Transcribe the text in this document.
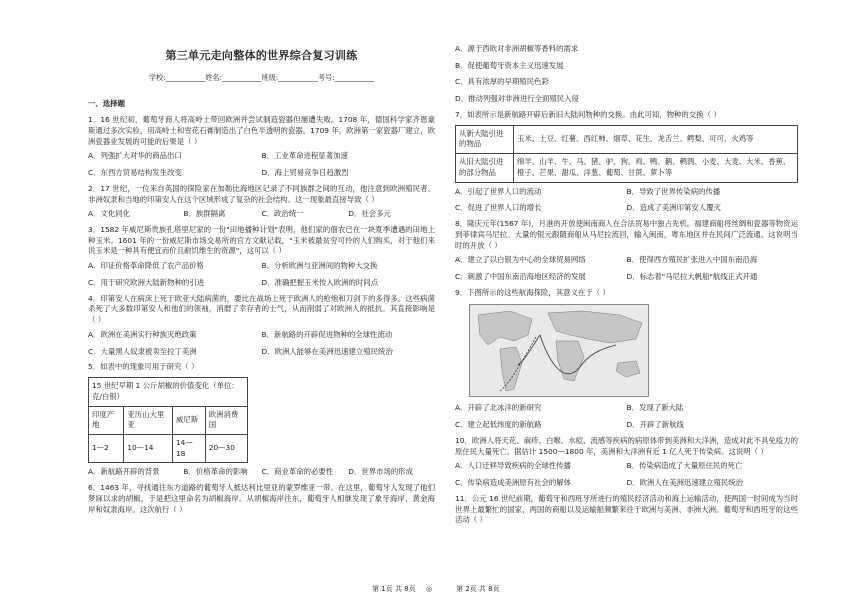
第三单元走向整体的世界综合复习训练
学校:___________姓名:___________班级:___________考号:___________
一、选择题
1．16 世纪初，葡萄牙商人将高岭土带回欧洲并尝试制造瓷器但屡遭失败。1708 年，德国科学家齐恩豪斯通过多次实验，用高岭土和雪花石膏制造出了白色半透明的瓷器。1709 年，欧洲第一家瓷器厂建立，欧洲瓷器业发展的可能的后果是（ ）
A．列强扩大对华的商品出口	B．工业革命进程显著加速
C．东西方贸易结构发生改变	D．海上贸易竞争日趋激烈
2．17 世纪，一位来自英国的探险家在加勒比海地区记录了不同族群之间的互动，他注意到欧洲殖民者、非洲奴隶和当地的印第安人在这个区域形成了复杂的社会结构。这一现象最直接导致（ ）
A．文化同化	B．族群隔离	C．政治统一	D．社会多元
3．1582 年威尼斯贵族孔塔里尼家的一份"田地播种计划"表明，他们家的佃农已在一块夏季遭遇的田地上种玉米。1601 年的一份威尼斯市场交易所的官方文献记载，"玉米被最贫穷可怜的人们购买，对于他们来说玉米是一种具有便宜而价且耐饥维生的资源"，这可以（ ）
A．印证价格革命降低了农产品价格	B．分析欧洲与亚洲间的物种大交换
C．用于研究欧洲大陆新物种的引进	D．准确把握玉米传入欧洲的时间点
4．印第安人在病床上死于欧亚大陆病菌的，要比在战场上死于欧洲人的枪炮和刀剑下的多得多。这些病菌杀死了大多数印第安人和他们的领袖，消磨了幸存者的士气，从而削弱了对欧洲人的抵抗。其直接影响是（ ）
A．欧洲在美洲实行种族灭绝政策	B．新航路的开辟促进物种的全球性流动
C．大量黑人奴隶被卖至拉丁美洲	D．欧洲人能够在美洲迅速建立殖民统治
5．如表中的现象可用于研究（ ）
15 世纪早期 1 公斤胡椒的价值变化（单位：克/白银）			
印度产地	亚历山大里亚	威尼斯	欧洲消费国
1—2	10—14	14—18	20—30
A．新航路开辟的背景	B．价格革命的影响	C．商业革命的必要性	D．世界市场的形成
6．1463 年，寻找通往东方道路的葡萄牙人抵达利比里亚的蒙罗维亚一带。在这里，葡萄牙人发现了他们梦寐以求的胡椒，于是把这里命名为胡椒海岸。从胡椒海岸往东，葡萄牙人相继发现了象牙海岸、黄金海岸和奴隶海岸。这次航行（ ）
A．源于西欧对非洲胡椒等香料的需求
B．促使葡萄牙资本主义迅速发展
C．具有浓厚的早期殖民色彩
D．推动列强对非洲进行全面殖民入侵
7．如表所示是新航路开辟后新旧大陆间物种的交换。由此可知，物种的交换（ ）
从新大陆引进的物品	玉米、土豆、红薯、西红柿、烟草、花生、龙舌兰、鳄梨、可可、火鸡等
从旧大陆引进的部分物品	绵羊、山羊、牛、马、猪、驴、狗、鸡、鸭、鹅、鹌鹑、小麦、大麦、大米、香蕉、橙子、芒果、甜瓜、洋葱、葡萄、甘蔗、萝卜等
A．引起了世界人口的流动	B．导致了世界传染病的传播
C．促进了世界人口的增长	D．造成了美洲印第安人覆灭
8．隆庆元年(1567 年)，月港的开放使闽南商人在合法贸易中独占先机。福建商船将丝绸和瓷器等物资运到菲律宾马尼拉。大量的银元跟随商船从马尼拉流回，输入闽南，粤东地区并在民间广泛流通。这说明当时的开放（ ）
A．建立了以白银为中心的全球贸易网络	B．使得西方殖民扩张进入中国东南沿海
C．刺激了中国东南沿海地区经济的发展	D．标志着"马尼拉大帆船"航线正式开通
9．下图所示的这些航海探险，其意义在于（ ）
A．开辟了北冰洋的新研究	B．发现了新大陆
C．建立起低纬度的新航路	D．开辟了新航线
10．欧洲人将天花、麻疹、白喉、水痘、流感等疾病的病原体带到美洲和大洋洲，造成对此不具免疫力的原住民大量死亡。据估计 1500—1800 年，美洲和大洋洲有近 1 亿人死于传染病。这说明（ ）
A．人口迁移导致疾病的全球性传播	B．传染病造成了大量原住民的死亡
C．传染病造成美洲原有社会的解体	D．欧洲人在美洲迅速建立殖民统治
11．公元 16 世纪前期，葡萄牙和西班牙所进行的殖民经济活动和海上运输活动，使两国一时间成为当时世界上最繁忙的国家，两国的商船以及运输船频繁来往于欧洲与美洲、非洲大洲。葡萄牙和西班牙的这些活动（ ）
第 1页 共 8页 ◎	第 2页 共 8页
